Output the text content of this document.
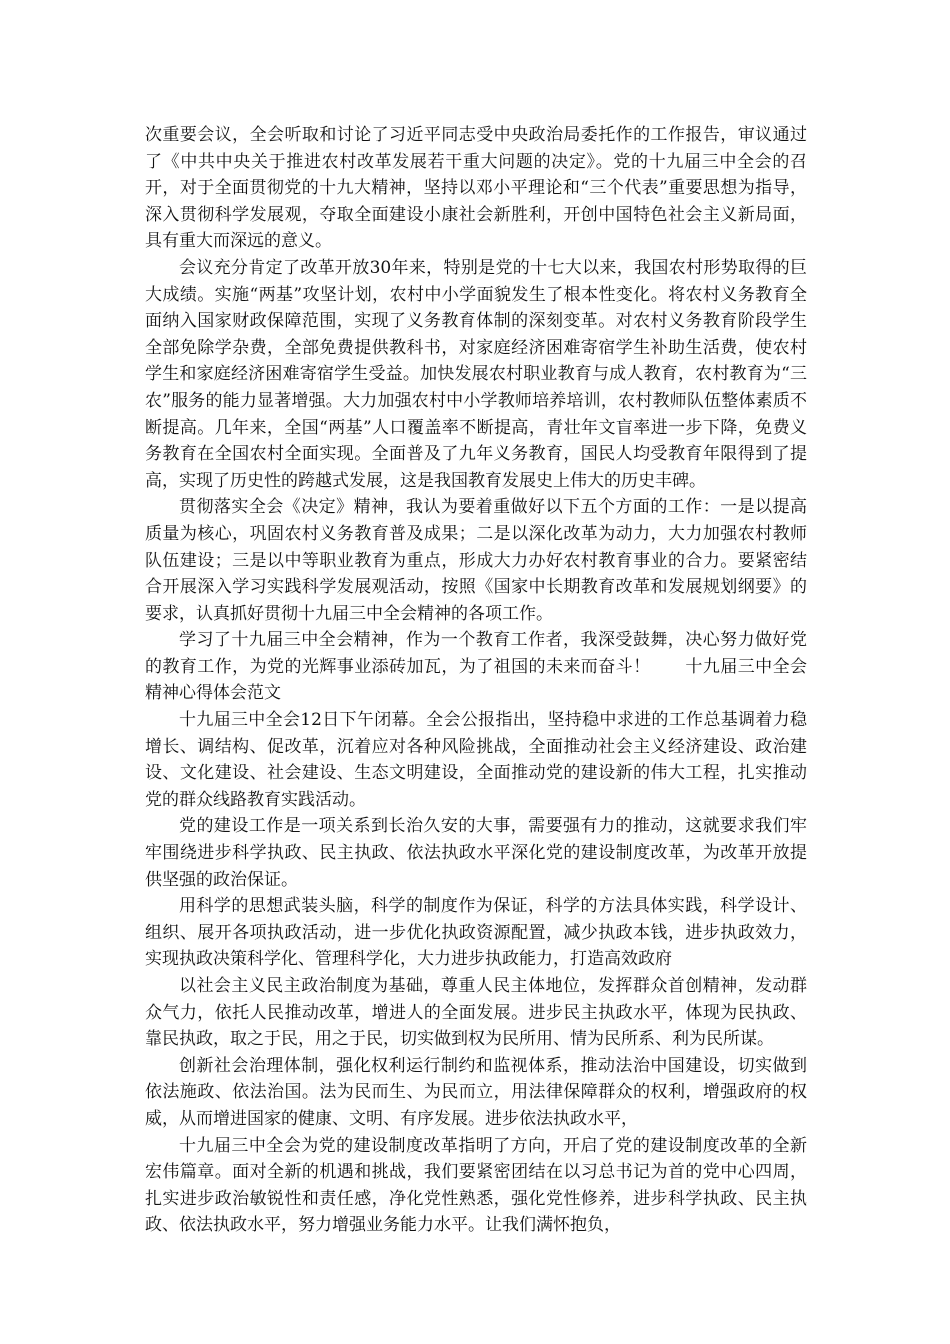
次重要会议，全会听取和讨论了习近平同志受中央政治局委托作的工作报告，审议通过了《中共中央关于推进农村改革发展若干重大问题的决定》。党的十九届三中全会的召开，对于全面贯彻党的十九大精神，坚持以邓小平理论和“三个代表”重要思想为指导，深入贯彻科学发展观，夺取全面建设小康社会新胜利，开创中国特色社会主义新局面，具有重大而深远的意义。

会议充分肯定了改革开放30年来，特别是党的十七大以来，我国农村形势取得的巨大成绩。实施“两基”攻坚计划，农村中小学面貌发生了根本性变化。将农村义务教育全面纳入国家财政保障范围，实现了义务教育体制的深刻变革。对农村义务教育阶段学生全部免除学杂费，全部免费提供教科书，对家庭经济困难寄宿学生补助生活费，使农村学生和家庭经济困难寄宿学生受益。加快发展农村职业教育与成人教育，农村教育为“三农”服务的能力显著增强。大力加强农村中小学教师培养培训，农村教师队伍整体素质不断提高。几年来，全国“两基”人口覆盖率不断提高，青壮年文盲率进一步下降，免费义务教育在全国农村全面实现。全面普及了九年义务教育，国民人均受教育年限得到了提高，实现了历史性的跨越式发展，这是我国教育发展史上伟大的历史丰碑。

贯彻落实全会《决定》精神，我认为要着重做好以下五个方面的工作：一是以提高质量为核心，巩固农村义务教育普及成果；二是以深化改革为动力，大力加强农村教师队伍建设；三是以中等职业教育为重点，形成大力办好农村教育事业的合力。要紧密结合开展深入学习实践科学发展观活动，按照《国家中长期教育改革和发展规划纲要》的要求，认真抓好贯彻十九届三中全会精神的各项工作。

学习了十九届三中全会精神，作为一个教育工作者，我深受鼓舞，决心努力做好党的教育工作，为党的光辉事业添砖加瓦，为了祖国的未来而奋斗！　　十九届三中全会精神心得体会范文

十九届三中全会12日下午闭幕。全会公报指出，坚持稳中求进的工作总基调着力稳增长、调结构、促改革，沉着应对各种风险挑战，全面推动社会主义经济建设、政治建设、文化建设、社会建设、生态文明建设，全面推动党的建设新的伟大工程，扎实推动党的群众线路教育实践活动。

党的建设工作是一项关系到长治久安的大事，需要强有力的推动，这就要求我们牢牢围绕进步科学执政、民主执政、依法执政水平深化党的建设制度改革，为改革开放提供坚强的政治保证。

用科学的思想武装头脑，科学的制度作为保证，科学的方法具体实践，科学设计、组织、展开各项执政活动，进一步优化执政资源配置，减少执政本钱，进步执政效力，实现执政决策科学化、管理科学化，大力进步执政能力，打造高效政府

以社会主义民主政治制度为基础，尊重人民主体地位，发挥群众首创精神，发动群众气力，依托人民推动改革，增进人的全面发展。进步民主执政水平，体现为民执政、靠民执政，取之于民，用之于民，切实做到权为民所用、情为民所系、利为民所谋。

创新社会治理体制，强化权利运行制约和监视体系，推动法治中国建设，切实做到依法施政、依法治国。法为民而生、为民而立，用法律保障群众的权利，增强政府的权威，从而增进国家的健康、文明、有序发展。进步依法执政水平，

十九届三中全会为党的建设制度改革指明了方向，开启了党的建设制度改革的全新宏伟篇章。面对全新的机遇和挑战，我们要紧密团结在以习总书记为首的党中心四周，扎实进步政治敏锐性和责任感，净化党性熟悉，强化党性修养，进步科学执政、民主执政、依法执政水平，努力增强业务能力水平。让我们满怀抱负，
